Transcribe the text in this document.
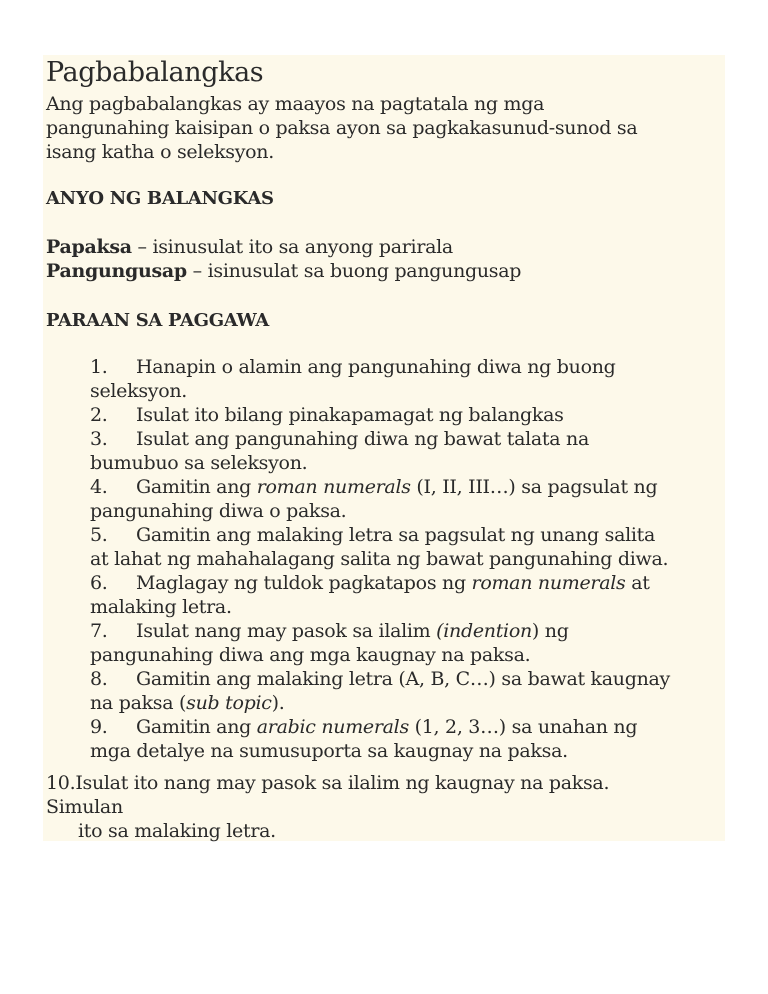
Pagbabalangkas
Ang pagbabalangkas ay maayos na pagtatala ng mga
pangunahing kaisipan o paksa ayon sa pagkakasunud-sunod sa
isang katha o seleksyon.
ANYO NG BALANGKAS
Papaksa – isinusulat ito sa anyong parirala
Pangungusap – isinusulat sa buong pangungusap
PARAAN SA PAGGAWA
1. Hanapin o alamin ang pangunahing diwa ng buong
seleksyon.
2. Isulat ito bilang pinakapamagat ng balangkas
3. Isulat ang pangunahing diwa ng bawat talata na
bumubuo sa seleksyon.
4. Gamitin ang roman numerals (I, II, III…) sa pagsulat ng
pangunahing diwa o paksa.
5. Gamitin ang malaking letra sa pagsulat ng unang salita
at lahat ng mahahalagang salita ng bawat pangunahing diwa.
6. Maglagay ng tuldok pagkatapos ng roman numerals at
malaking letra.
7. Isulat nang may pasok sa ilalim (indention) ng
pangunahing diwa ang mga kaugnay na paksa.
8. Gamitin ang malaking letra (A, B, C…) sa bawat kaugnay
na paksa (sub topic).
9. Gamitin ang arabic numerals (1, 2, 3…) sa unahan ng
mga detalye na sumusuporta sa kaugnay na paksa.
10.Isulat ito nang may pasok sa ilalim ng kaugnay na paksa.
Simulan
ito sa malaking letra.
